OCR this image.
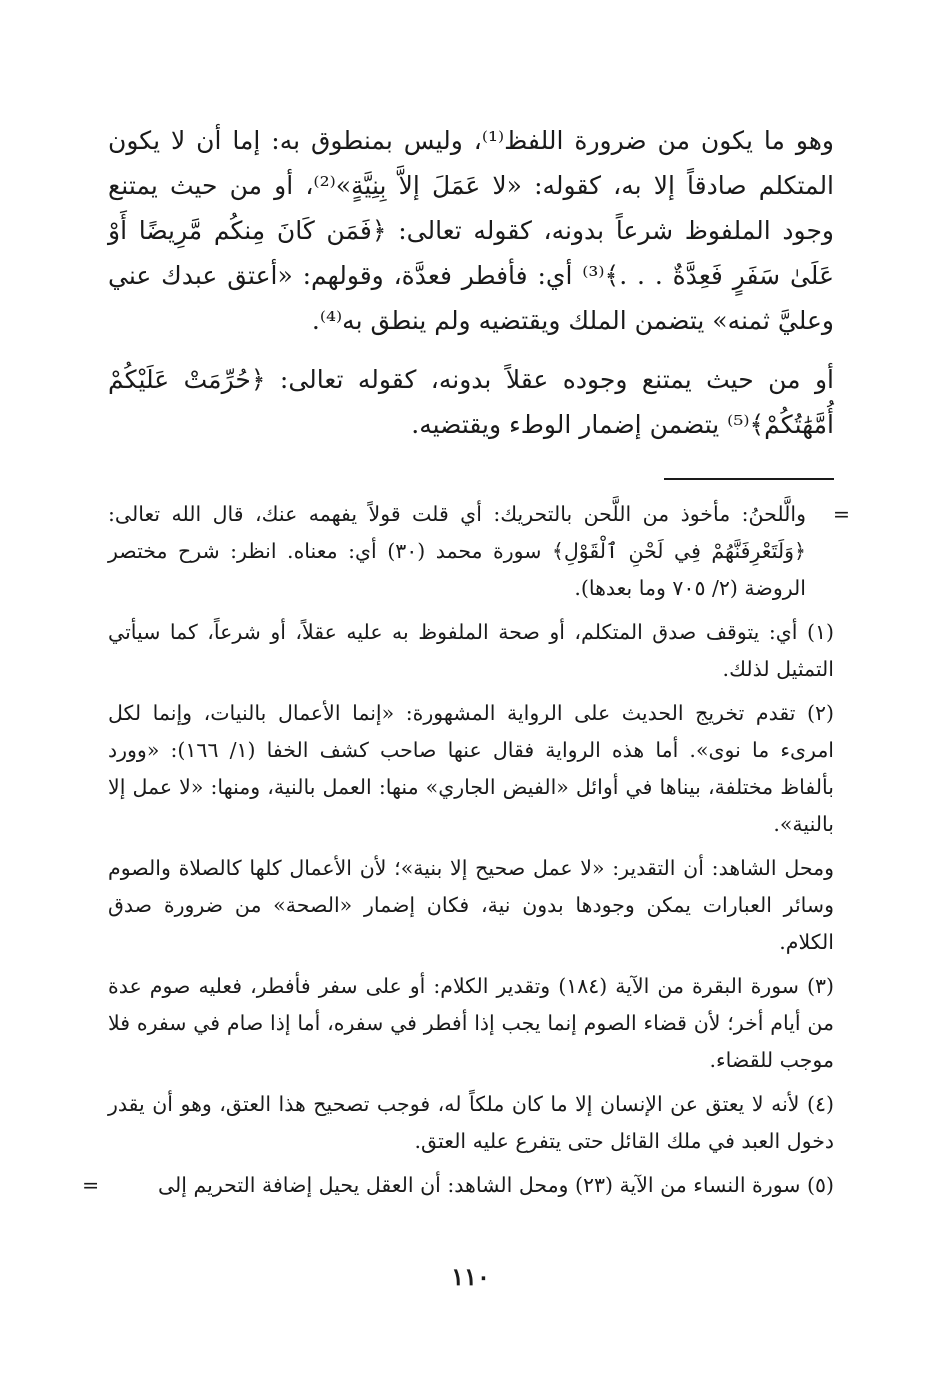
وهو ما يكون من ضرورة اللفظ⁽¹⁾، وليس بمنطوق به: إما أن لا يكون المتكلم صادقاً إلا به، كقوله: «لا عَمَلَ إلاَّ بِنِيَّةٍ»⁽²⁾، أو من حيث يمتنع وجود الملفوظ شرعاً بدونه، كقوله تعالى: ﴿فَمَن كَانَ مِنكُم مَّرِيضًا أَوْ عَلَىٰ سَفَرٍ فَعِدَّةٌ . . .﴾⁽³⁾ أي: فأفطر فعدَّة، وقولهم: «أعتق عبدك عني وعليَّ ثمنه» يتضمن الملك ويقتضيه ولم ينطق به⁽⁴⁾.

أو من حيث يمتنع وجوده عقلاً بدونه، كقوله تعالى: ﴿حُرِّمَتْ عَلَيْكُمْ أُمَّهَٰتُكُمْ﴾⁽⁵⁾ يتضمن إضمار الوطء ويقتضيه.

=
والَّلحنُ: مأخوذ من اللَّحن بالتحريك: أي قلت قولاً يفهمه عنك، قال الله تعالى: ﴿وَلَتَعْرِفَنَّهُمْ فِي لَحْنِ ٱلْقَوْلِ﴾ سورة محمد (٣٠) أي: معناه. انظر: شرح مختصر الروضة (٢/ ٧٠٥ وما بعدها).

(١) أي: يتوقف صدق المتكلم، أو صحة الملفوظ به عليه عقلاً، أو شرعاً، كما سيأتي التمثيل لذلك.

(٢) تقدم تخريج الحديث على الرواية المشهورة: «إنما الأعمال بالنيات، وإنما لكل امرىء ما نوى». أما هذه الرواية فقال عنها صاحب كشف الخفا (١/ ١٦٦): «وورد بألفاظ مختلفة، بيناها في أوائل «الفيض الجاري» منها: العمل بالنية، ومنها: «لا عمل إلا بالنية».

ومحل الشاهد: أن التقدير: «لا عمل صحيح إلا بنية»؛ لأن الأعمال كلها كالصلاة والصوم وسائر العبارات يمكن وجودها بدون نية، فكان إضمار «الصحة» من ضرورة صدق الكلام.

(٣) سورة البقرة من الآية (١٨٤) وتقدير الكلام: أو على سفر فأفطر، فعليه صوم عدة من أيام أخر؛ لأن قضاء الصوم إنما يجب إذا أفطر في سفره، أما إذا صام في سفره فلا موجب للقضاء.

(٤) لأنه لا يعتق عن الإنسان إلا ما كان ملكاً له، فوجب تصحيح هذا العتق، وهو أن يقدر دخول العبد في ملك القائل حتى يتفرع عليه العتق.

(٥) سورة النساء من الآية (٢٣) ومحل الشاهد: أن العقل يحيل إضافة التحريم إلى
=

١١٠
